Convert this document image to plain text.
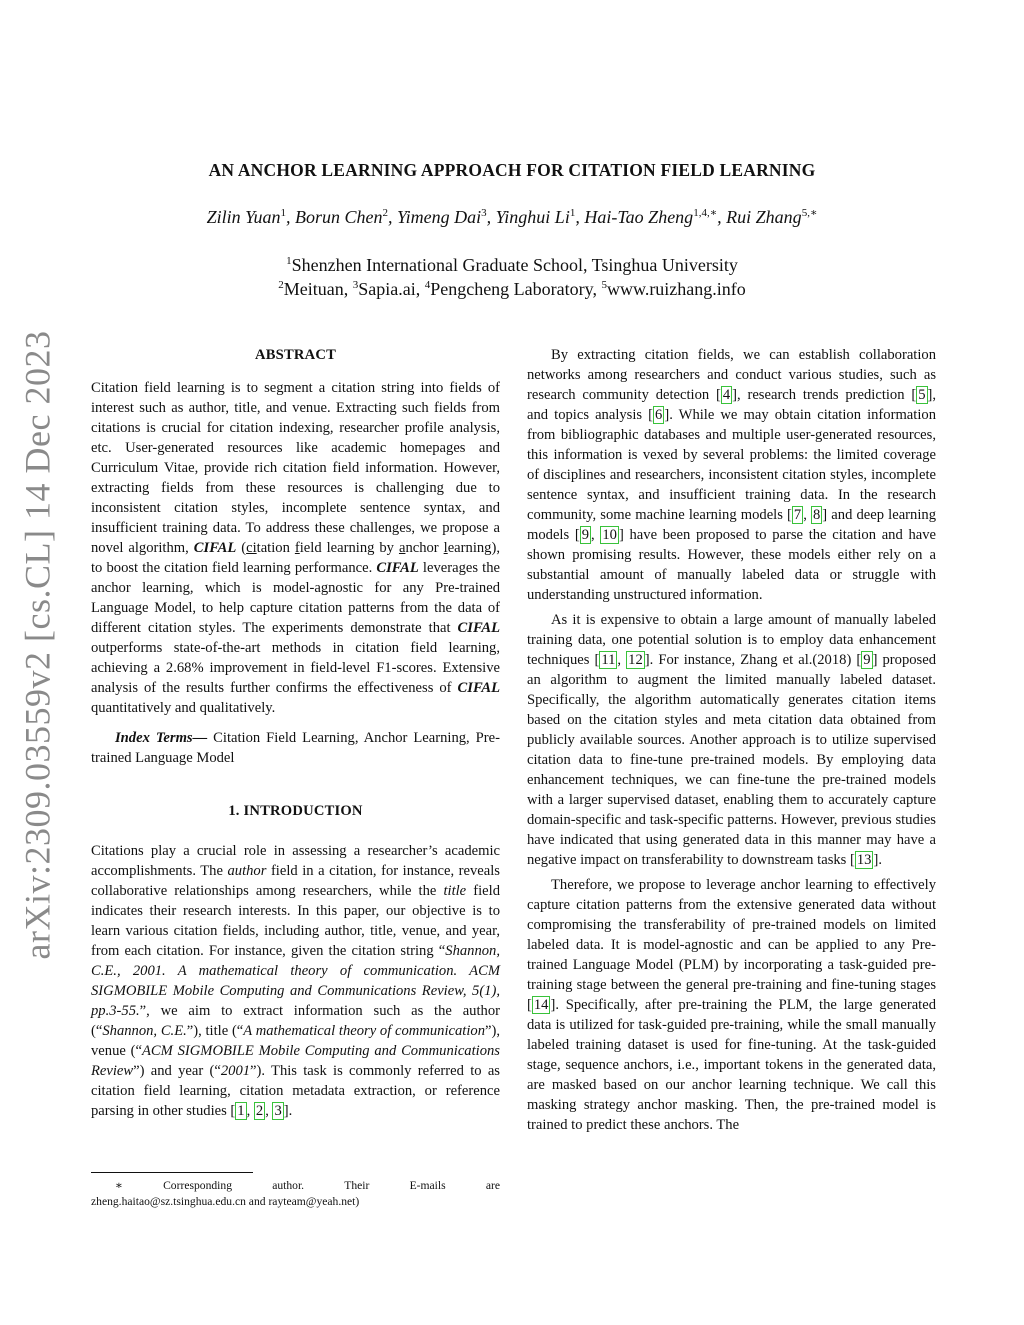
arXiv:2309.03559v2 [cs.CL] 14 Dec 2023
AN ANCHOR LEARNING APPROACH FOR CITATION FIELD LEARNING
Zilin Yuan$^1$, Borun Chen$^2$, Yimeng Dai$^3$, Yinghui Li$^1$, Hai-Tao Zheng$^{1,4,∗}$, Rui Zhang$^{5,∗}$
$^1$Shenzhen International Graduate School, Tsinghua University
$^2$Meituan, $^3$Sapia.ai, $^4$Pengcheng Laboratory, $^5$www.ruizhang.info
ABSTRACT

Citation field learning is to segment a citation string into fields of interest such as author, title, and venue. Extracting such fields from citations is crucial for citation indexing, researcher profile analysis, etc. User-generated resources like academic homepages and Curriculum Vitae, provide rich citation field information. However, extracting fields from these resources is challenging due to inconsistent citation styles, incomplete sentence syntax, and insufficient training data. To address these challenges, we propose a novel algorithm, CIFAL (citation field learning by anchor learning), to boost the citation field learning performance. CIFAL leverages the anchor learning, which is model-agnostic for any Pre-trained Language Model, to help capture citation patterns from the data of different citation styles. The experiments demonstrate that CIFAL outperforms state-of-the-art methods in citation field learning, achieving a 2.68% improvement in field-level F1-scores. Extensive analysis of the results further confirms the effectiveness of CIFAL quantitatively and qualitatively.

Index Terms— Citation Field Learning, Anchor Learning, Pre-trained Language Model

1. INTRODUCTION

Citations play a crucial role in assessing a researcher’s academic accomplishments. The author field in a citation, for instance, reveals collaborative relationships among researchers, while the title field indicates their research interests. In this paper, our objective is to learn various citation fields, including author, title, venue, and year, from each citation. For instance, given the citation string “Shannon, C.E., 2001. A mathematical theory of communication. ACM SIGMOBILE Mobile Computing and Communications Review, 5(1), pp.3-55.”, we aim to extract information such as the author (“Shannon, C.E.”), title (“A mathematical theory of communication”), venue (“ACM SIGMOBILE Mobile Computing and Communications Review”) and year (“2001”). This task is commonly referred to as citation field learning, citation metadata extraction, or reference parsing in other studies [ 1 , 2 , 3 ].

∗	Corresponding	author.	Their	E-mails	are
zheng.haitao@sz.tsinghua.edu.cn and rayteam@yeah.net)

By extracting citation fields, we can establish collaboration networks among researchers and conduct various studies, such as research community detection [ 4 ], research trends prediction [ 5 ], and topics analysis [ 6 ]. While we may obtain citation information from bibliographic databases and multiple user-generated resources, this information is vexed by several problems: the limited coverage of disciplines and researchers, inconsistent citation styles, incomplete sentence syntax, and insufficient training data. In the research community, some machine learning models [ 7 , 8 ] and deep learning models [ 9 , 10 ] have been proposed to parse the citation and have shown promising results. However, these models either rely on a substantial amount of manually labeled data or struggle with understanding unstructured information.

As it is expensive to obtain a large amount of manually labeled training data, one potential solution is to employ data enhancement techniques [ 11 , 12 ]. For instance, Zhang et al.(2018) [ 9 ] proposed an algorithm to augment the limited manually labeled dataset. Specifically, the algorithm automatically generates citation items based on the citation styles and meta citation data obtained from publicly available sources. Another approach is to utilize supervised citation data to fine-tune pre-trained models. By employing data enhancement techniques, we can fine-tune the pre-trained models with a larger supervised dataset, enabling them to accurately capture domain-specific and task-specific patterns. However, previous studies have indicated that using generated data in this manner may have a negative impact on transferability to downstream tasks [ 13 ].

Therefore, we propose to leverage anchor learning to effectively capture citation patterns from the extensive generated data without compromising the transferability of pre-trained models on limited labeled data. It is model-agnostic and can be applied to any Pre-trained Language Model (PLM) by incorporating a task-guided pre-training stage between the general pre-training and fine-tuning stages [ 14 ]. Specifically, after pre-training the PLM, the large generated data is utilized for task-guided pre-training, while the small manually labeled training dataset is used for fine-tuning. At the task-guided stage, sequence anchors, i.e., important tokens in the generated data, are masked based on our anchor learning technique. We call this masking strategy anchor masking. Then, the pre-trained model is trained to predict these anchors. The
